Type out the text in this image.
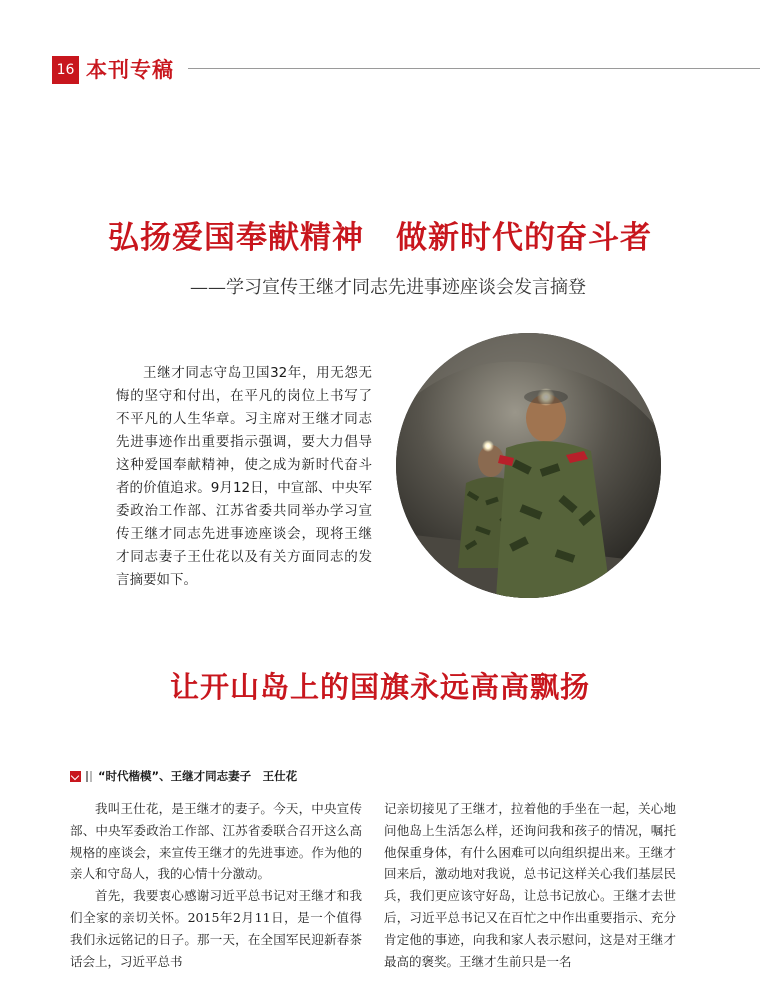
16 本刊专稿
弘扬爱国奉献精神　做新时代的奋斗者
——学习宣传王继才同志先进事迹座谈会发言摘登
王继才同志守岛卫国32年，用无怨无悔的坚守和付出，在平凡的岗位上书写了不平凡的人生华章。习主席对王继才同志先进事迹作出重要指示强调，要大力倡导这种爱国奉献精神，使之成为新时代奋斗者的价值追求。9月12日，中宣部、中央军委政治工作部、江苏省委共同举办学习宣传王继才同志先进事迹座谈会，现将王继才同志妻子王仕花以及有关方面同志的发言摘要如下。
让开山岛上的国旗永远高高飘扬
“时代楷模”、王继才同志妻子　王仕花

我叫王仕花，是王继才的妻子。今天，中央宣传部、中央军委政治工作部、江苏省委联合召开这么高规格的座谈会，来宣传王继才的先进事迹。作为他的亲人和守岛人，我的心情十分激动。

首先，我要衷心感谢习近平总书记对王继才和我们全家的亲切关怀。2015年2月11日，是一个值得我们永远铭记的日子。那一天，在全国军民迎新春茶话会上，习近平总书

记亲切接见了王继才，拉着他的手坐在一起，关心地问他岛上生活怎么样，还询问我和孩子的情况，嘱托他保重身体，有什么困难可以向组织提出来。王继才回来后，激动地对我说，总书记这样关心我们基层民兵，我们更应该守好岛，让总书记放心。王继才去世后，习近平总书记又在百忙之中作出重要指示、充分肯定他的事迹，向我和家人表示慰问，这是对王继才最高的褒奖。王继才生前只是一名
